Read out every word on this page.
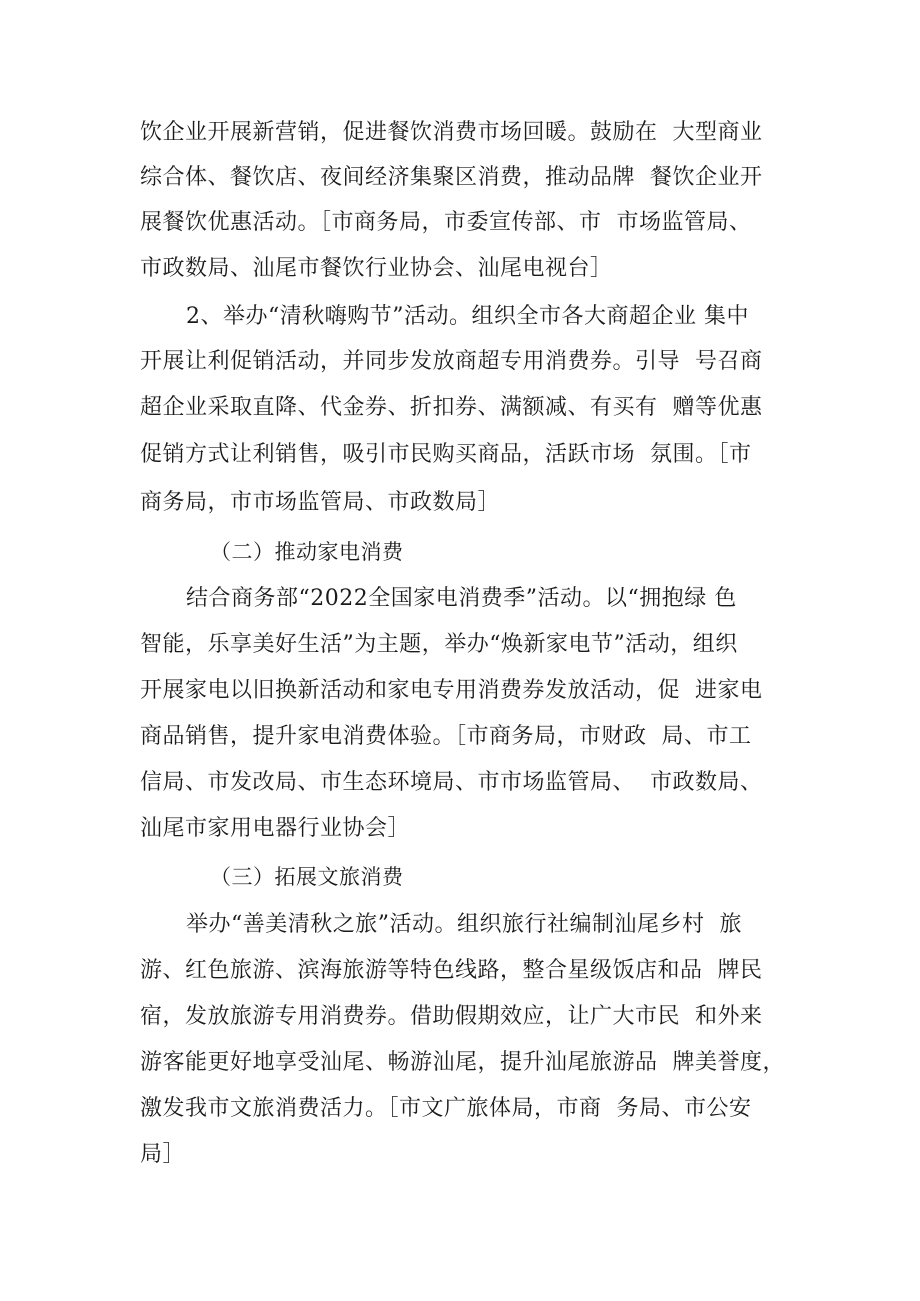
饮企业开展新营销，促进餐饮消费市场回暖。鼓励在  大型商业
综合体、餐饮店、夜间经济集聚区消费，推动品牌  餐饮企业开
展餐饮优惠活动。［市商务局，市委宣传部、市  市场监管局、
市政数局、汕尾市餐饮行业协会、汕尾电视台］
2、举办“清秋嗨购节”活动。组织全市各大商超企业 集中
开展让利促销活动，并同步发放商超专用消费券。引导  号召商
超企业采取直降、代金券、折扣券、满额减、有买有  赠等优惠
促销方式让利销售，吸引市民购买商品，活跃市场  氛围。［市
商务局，市市场监管局、市政数局］
（二）推动家电消费
结合商务部“2022全国家电消费季”活动。以“拥抱绿 色
智能，乐享美好生活”为主题，举办“焕新家电节”活动，组织
开展家电以旧换新活动和家电专用消费券发放活动，促  进家电
商品销售，提升家电消费体验。［市商务局，市财政  局、市工
信局、市发改局、市生态环境局、市市场监管局、  市政数局、
汕尾市家用电器行业协会］
（三）拓展文旅消费
举办“善美清秋之旅”活动。组织旅行社编制汕尾乡村  旅
游、红色旅游、滨海旅游等特色线路，整合星级饭店和品  牌民
宿，发放旅游专用消费券。借助假期效应，让广大市民  和外来
游客能更好地享受汕尾、畅游汕尾，提升汕尾旅游品  牌美誉度，
激发我市文旅消费活力。［市文广旅体局，市商  务局、市公安
局］
